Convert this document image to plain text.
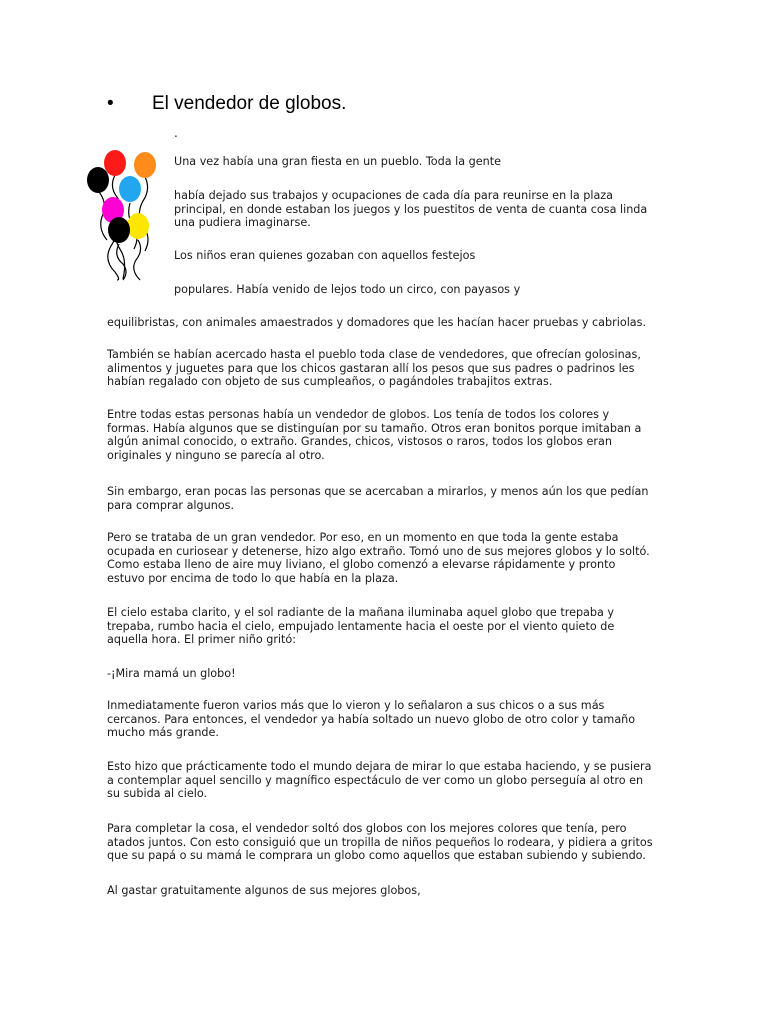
• El vendedor de globos.
.

Una vez había una gran fiesta en un pueblo. Toda la gente

había dejado sus trabajos y ocupaciones de cada día para reunirse en la plaza
principal, en donde estaban los juegos y los puestitos de venta de cuanta cosa linda
una pudiera imaginarse.

Los niños eran quienes gozaban con aquellos festejos

populares. Había venido de lejos todo un circo, con payasos y

equilibristas, con animales amaestrados y domadores que les hacían hacer pruebas y cabriolas.

También se habían acercado hasta el pueblo toda clase de vendedores, que ofrecían golosinas,
alimentos y juguetes para que los chicos gastaran allí los pesos que sus padres o padrinos les
habían regalado con objeto de sus cumpleaños, o pagándoles trabajitos extras.

Entre todas estas personas había un vendedor de globos. Los tenía de todos los colores y
formas. Había algunos que se distinguían por su tamaño. Otros eran bonitos porque imitaban a
algún animal conocido, o extraño. Grandes, chicos, vistosos o raros, todos los globos eran
originales y ninguno se parecía al otro.

Sin embargo, eran pocas las personas que se acercaban a mirarlos, y menos aún los que pedían
para comprar algunos.

Pero se trataba de un gran vendedor. Por eso, en un momento en que toda la gente estaba
ocupada en curiosear y detenerse, hizo algo extraño. Tomó uno de sus mejores globos y lo soltó.
Como estaba lleno de aire muy liviano, el globo comenzó a elevarse rápidamente y pronto
estuvo por encima de todo lo que había en la plaza.

El cielo estaba clarito, y el sol radiante de la mañana iluminaba aquel globo que trepaba y
trepaba, rumbo hacia el cielo, empujado lentamente hacia el oeste por el viento quieto de
aquella hora. El primer niño gritó:

-¡Mira mamá un globo!

Inmediatamente fueron varios más que lo vieron y lo señalaron a sus chicos o a sus más
cercanos. Para entonces, el vendedor ya había soltado un nuevo globo de otro color y tamaño
mucho más grande.

Esto hizo que prácticamente todo el mundo dejara de mirar lo que estaba haciendo, y se pusiera
a contemplar aquel sencillo y magnífico espectáculo de ver como un globo perseguía al otro en
su subida al cielo.

Para completar la cosa, el vendedor soltó dos globos con los mejores colores que tenía, pero
atados juntos. Con esto consiguió que un tropilla de niños pequeños lo rodeara, y pidiera a gritos
que su papá o su mamá le comprara un globo como aquellos que estaban subiendo y subiendo.

Al gastar gratuitamente algunos de sus mejores globos,
